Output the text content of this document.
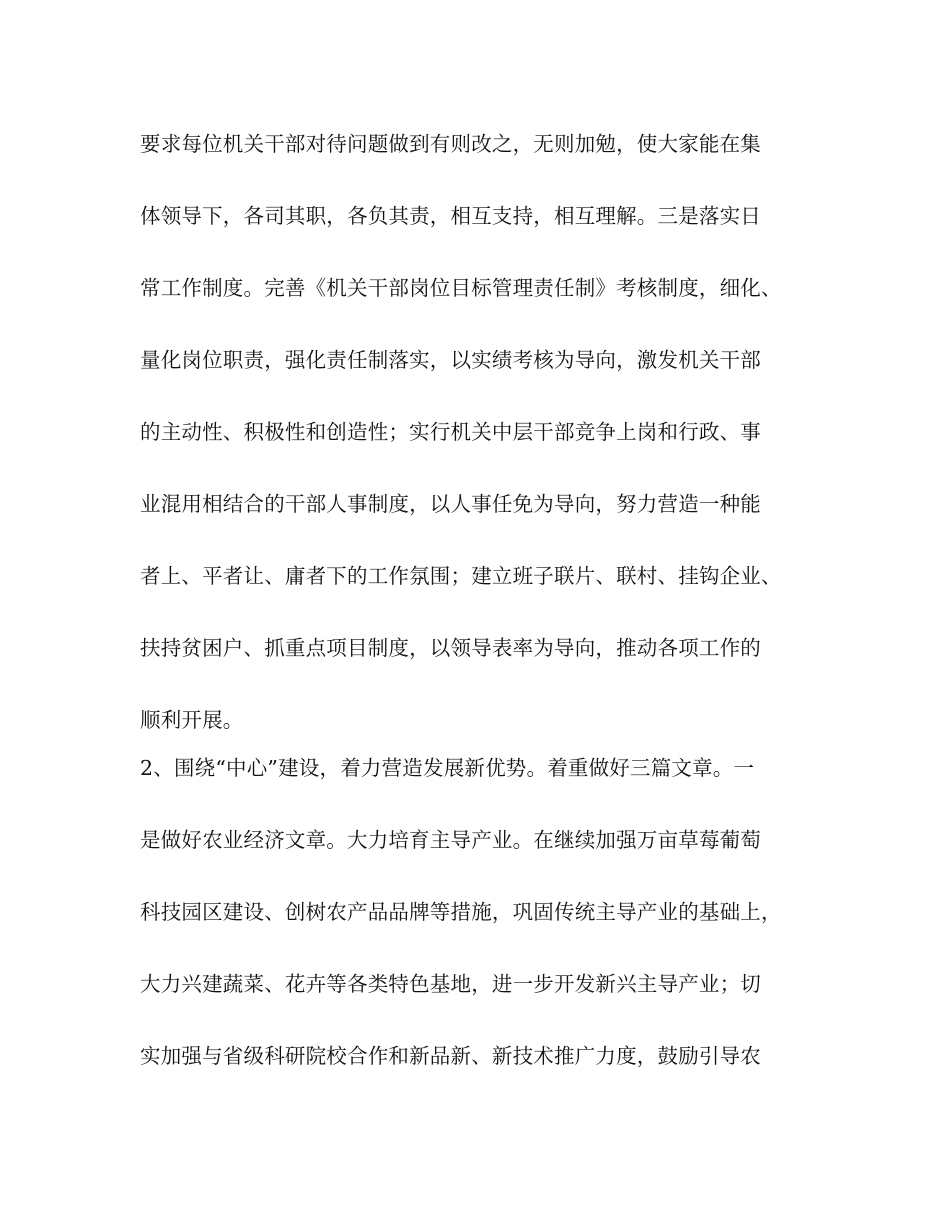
要求每位机关干部对待问题做到有则改之，无则加勉，使大家能在集
体领导下，各司其职，各负其责，相互支持，相互理解。三是落实日
常工作制度。完善《机关干部岗位目标管理责任制》考核制度，细化、
量化岗位职责，强化责任制落实，以实绩考核为导向，激发机关干部
的主动性、积极性和创造性；实行机关中层干部竞争上岗和行政、事
业混用相结合的干部人事制度，以人事任免为导向，努力营造一种能
者上、平者让、庸者下的工作氛围；建立班子联片、联村、挂钩企业、
扶持贫困户、抓重点项目制度，以领导表率为导向，推动各项工作的
顺利开展。
2、围绕“中心”建设，着力营造发展新优势。着重做好三篇文章。一
是做好农业经济文章。大力培育主导产业。在继续加强万亩草莓葡萄
科技园区建设、创树农产品品牌等措施，巩固传统主导产业的基础上，
大力兴建蔬菜、花卉等各类特色基地，进一步开发新兴主导产业；切
实加强与省级科研院校合作和新品新、新技术推广力度，鼓励引导农
